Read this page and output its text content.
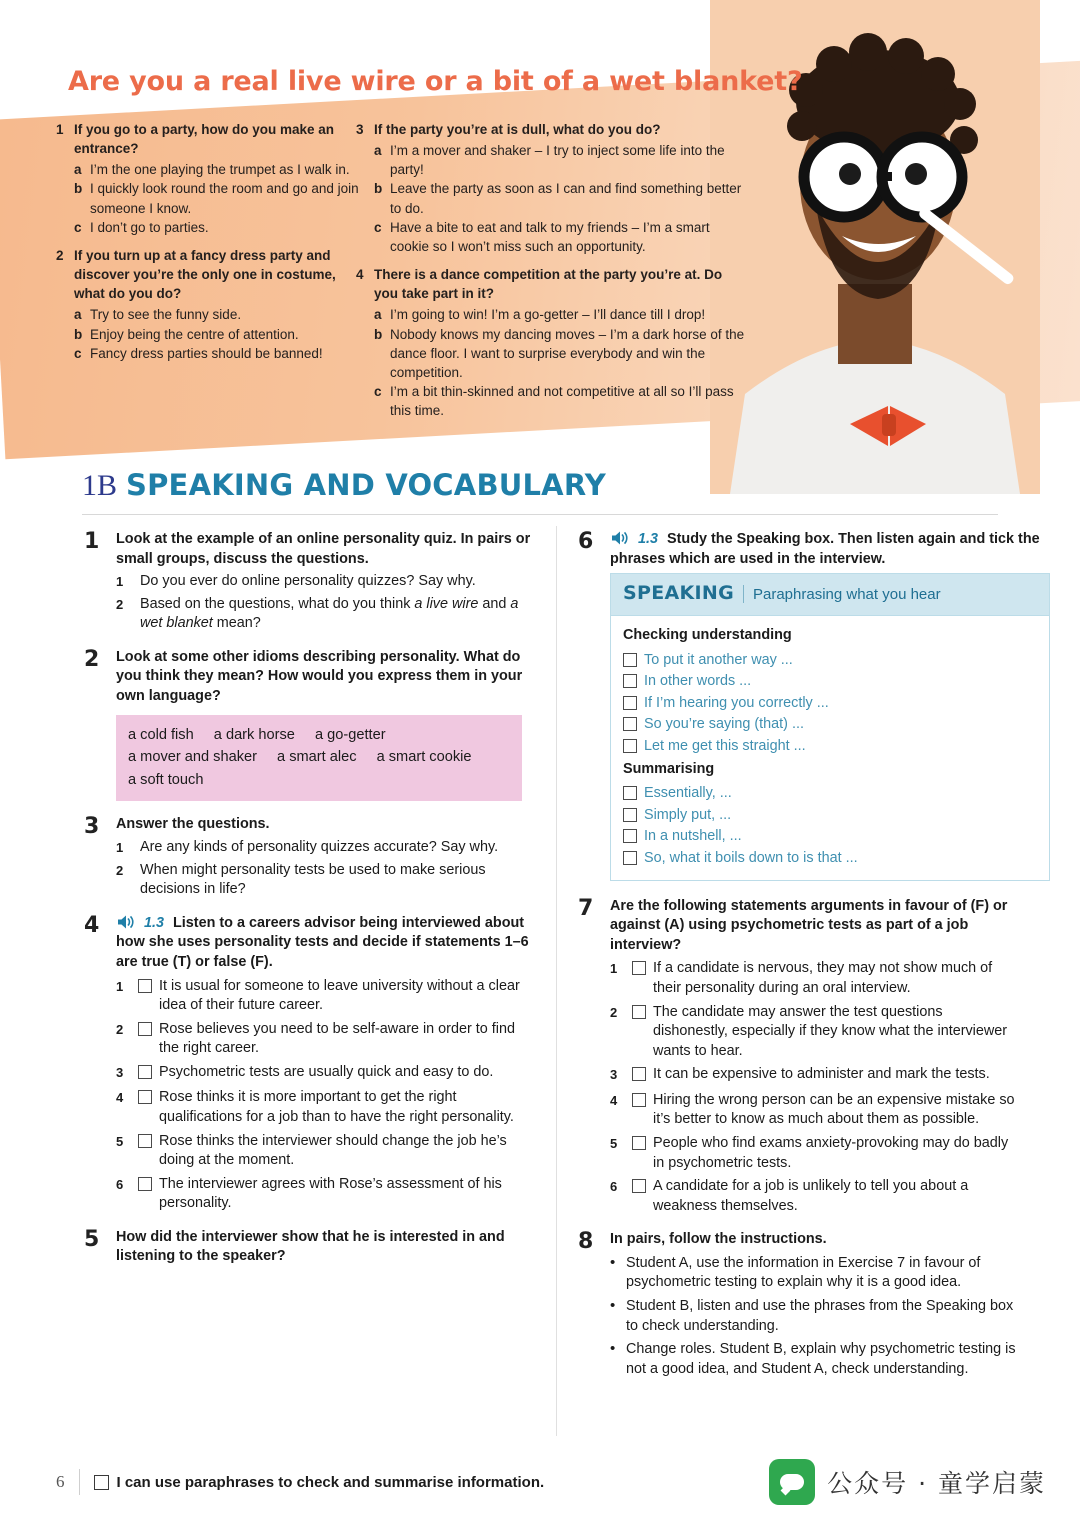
Are you a real live wire or a bit of a wet blanket?
1 If you go to a party, how do you make an entrance?
a I’m the one playing the trumpet as I walk in.
b I quickly look round the room and go and join someone I know.
c I don’t go to parties.
2 If you turn up at a fancy dress party and discover you’re the only one in costume, what do you do?
a Try to see the funny side.
b Enjoy being the centre of attention.
c Fancy dress parties should be banned!
3 If the party you’re at is dull, what do you do?
a I’m a mover and shaker – I try to inject some life into the party!
b Leave the party as soon as I can and find something better to do.
c Have a bite to eat and talk to my friends – I’m a smart cookie so I won’t miss such an opportunity.
4 There is a dance competition at the party you’re at. Do you take part in it?
a I’m going to win! I’m a go-getter – I’ll dance till I drop!
b Nobody knows my dancing moves – I’m a dark horse of the dance floor. I want to surprise everybody and win the competition.
c I’m a bit thin-skinned and not competitive at all so I’ll pass this time.
1B SPEAKING AND VOCABULARY
1	Look at the example of an online personality quiz. In pairs or small groups, discuss the questions.
1	Do you ever do online personality quizzes? Say why.
2	Based on the questions, what do you think a live wire and a wet blanket mean?
2	Look at some other idioms describing personality. What do you think they mean? How would you express them in your own language?
a cold fish a dark horse a go-getter
a mover and shaker a smart alec a smart cookie
a soft touch
3	Answer the questions.
1	Are any kinds of personality quizzes accurate? Say why.
2	When might personality tests be used to make serious decisions in life?
4	1.3 Listen to a careers advisor being interviewed about how she uses personality tests and decide if statements 1–6 are true (T) or false (F).
1	It is usual for someone to leave university without a clear idea of their future career.
2	Rose believes you need to be self-aware in order to find the right career.
3	Psychometric tests are usually quick and easy to do.
4	Rose thinks it is more important to get the right qualifications for a job than to have the right personality.
5	Rose thinks the interviewer should change the job he’s doing at the moment.
6	The interviewer agrees with Rose’s assessment of his personality.
5	How did the interviewer show that he is interested in and listening to the speaker?
6	1.3 Study the Speaking box. Then listen again and tick the phrases which are used in the interview.
SPEAKING Paraphrasing what you hear
Checking understanding
To put it another way ...
In other words ...
If I’m hearing you correctly ...
So you’re saying (that) ...
Let me get this straight ...
Summarising
Essentially, ...
Simply put, ...
In a nutshell, ...
So, what it boils down to is that ...
7	Are the following statements arguments in favour of (F) or against (A) using psychometric tests as part of a job interview?
1	If a candidate is nervous, they may not show much of their personality during an oral interview.
2	The candidate may answer the test questions dishonestly, especially if they know what the interviewer wants to hear.
3	It can be expensive to administer and mark the tests.
4	Hiring the wrong person can be an expensive mistake so it’s better to know as much about them as possible.
5	People who find exams anxiety-provoking may do badly in psychometric tests.
6	A candidate for a job is unlikely to tell you about a weakness themselves.
8	In pairs, follow the instructions.
• Student A, use the information in Exercise 7 in favour of psychometric testing to explain why it is a good idea.
• Student B, listen and use the phrases from the Speaking box to check understanding.
• Change roles. Student B, explain why psychometric testing is not a good idea, and Student A, check understanding.
6	I can use paraphrases to check and summarise information.	公众号 · 童学启蒙
